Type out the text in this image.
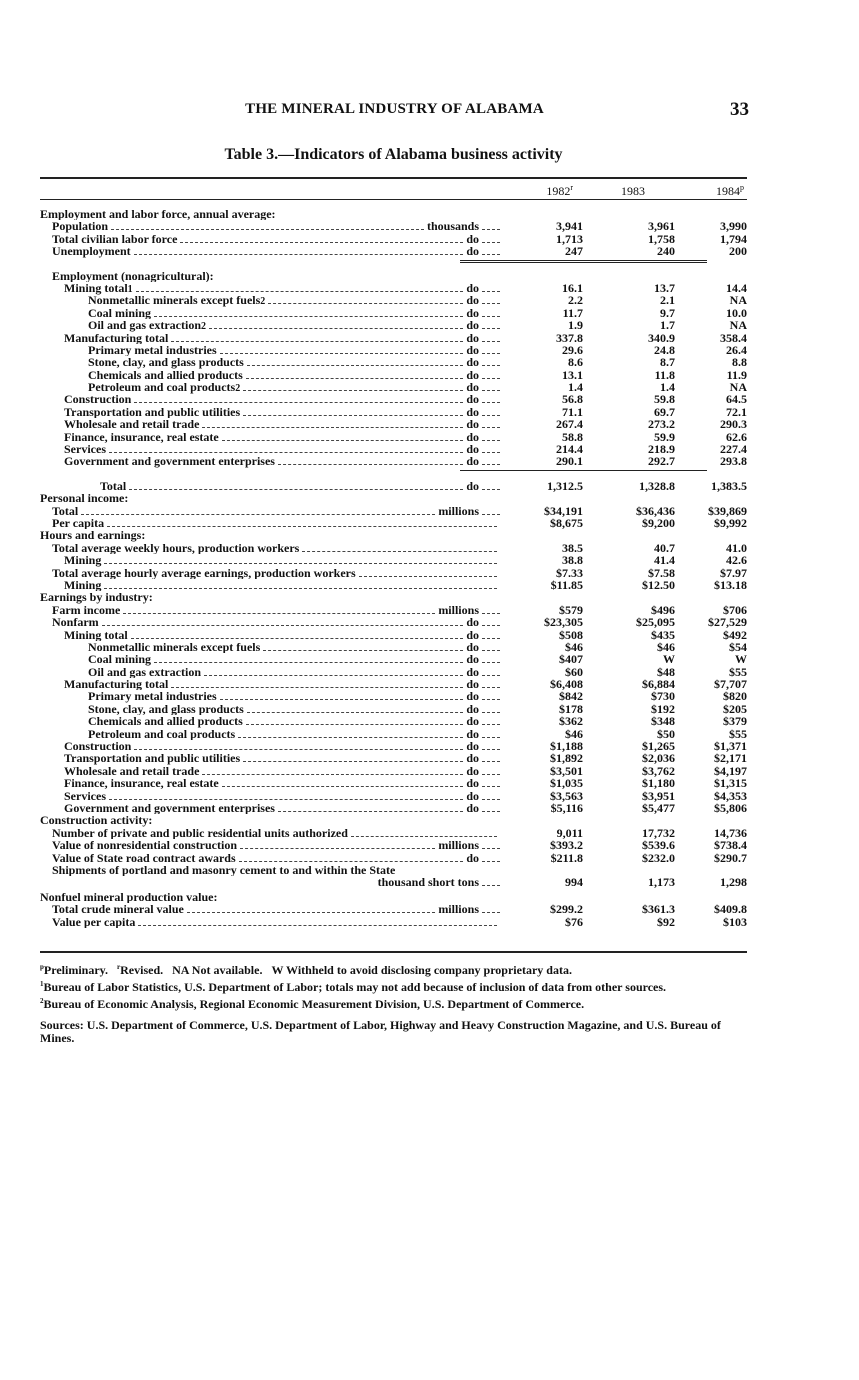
THE MINERAL INDUSTRY OF ALABAMA	33
Table 3.—Indicators of Alabama business activity
1982$^r$	1983	1984$^p$
Employment and labor force, annual average:
Population	thousands	3,941	3,961	3,990
Total civilian labor force	do	1,713	1,758	1,794
Unemployment	do	247	240	200
Employment (nonagricultural):
Mining total 1	do	16.1	13.7	14.4
Nonmetallic minerals except fuels 2	do	2.2	2.1	NA
Coal mining	do	11.7	9.7	10.0
Oil and gas extraction 2	do	1.9	1.7	NA
Manufacturing total	do	337.8	340.9	358.4
Primary metal industries	do	29.6	24.8	26.4
Stone, clay, and glass products	do	8.6	8.7	8.8
Chemicals and allied products	do	13.1	11.8	11.9
Petroleum and coal products 2	do	1.4	1.4	NA
Construction	do	56.8	59.8	64.5
Transportation and public utilities	do	71.1	69.7	72.1
Wholesale and retail trade	do	267.4	273.2	290.3
Finance, insurance, real estate	do	58.8	59.9	62.6
Services	do	214.4	218.9	227.4
Government and government enterprises	do	290.1	292.7	293.8
Total	do	1,312.5	1,328.8	1,383.5
Personal income:
Total	millions	$34,191	$36,436	$39,869
Per capita	$8,675	$9,200	$9,992
Hours and earnings:
Total average weekly hours, production workers	38.5	40.7	41.0
Mining	38.8	41.4	42.6
Total average hourly average earnings, production workers	$7.33	$7.58	$7.97
Mining	$11.85	$12.50	$13.18
Earnings by industry:
Farm income	millions	$579	$496	$706
Nonfarm	do	$23,305	$25,095	$27,529
Mining total	do	$508	$435	$492
Nonmetallic minerals except fuels	do	$46	$46	$54
Coal mining	do	$407	W	W
Oil and gas extraction	do	$60	$48	$55
Manufacturing total	do	$6,408	$6,884	$7,707
Primary metal industries	do	$842	$730	$820
Stone, clay, and glass products	do	$178	$192	$205
Chemicals and allied products	do	$362	$348	$379
Petroleum and coal products	do	$46	$50	$55
Construction	do	$1,188	$1,265	$1,371
Transportation and public utilities	do	$1,892	$2,036	$2,171
Wholesale and retail trade	do	$3,501	$3,762	$4,197
Finance, insurance, real estate	do	$1,035	$1,180	$1,315
Services	do	$3,563	$3,951	$4,353
Government and government enterprises	do	$5,116	$5,477	$5,806
Construction activity:
Number of private and public residential units authorized	9,011	17,732	14,736
Value of nonresidential construction	millions	$393.2	$539.6	$738.4
Value of State road contract awards	do	$211.8	$232.0	$290.7
Shipments of portland and masonry cement to and within the State
thousand short tons	994	1,173	1,298
Nonfuel mineral production value:
Total crude mineral value	millions	$299.2	$361.3	$409.8
Value per capita	$76	$92	$103

$^p$Preliminary. $^r$Revised. NA Not available. W Withheld to avoid disclosing company proprietary data.

$^1$Bureau of Labor Statistics, U.S. Department of Labor; totals may not add because of inclusion of data from other sources.

$^2$Bureau of Economic Analysis, Regional Economic Measurement Division, U.S. Department of Commerce.

Sources: U.S. Department of Commerce, U.S. Department of Labor, Highway and Heavy Construction Magazine, and U.S. Bureau of Mines.
